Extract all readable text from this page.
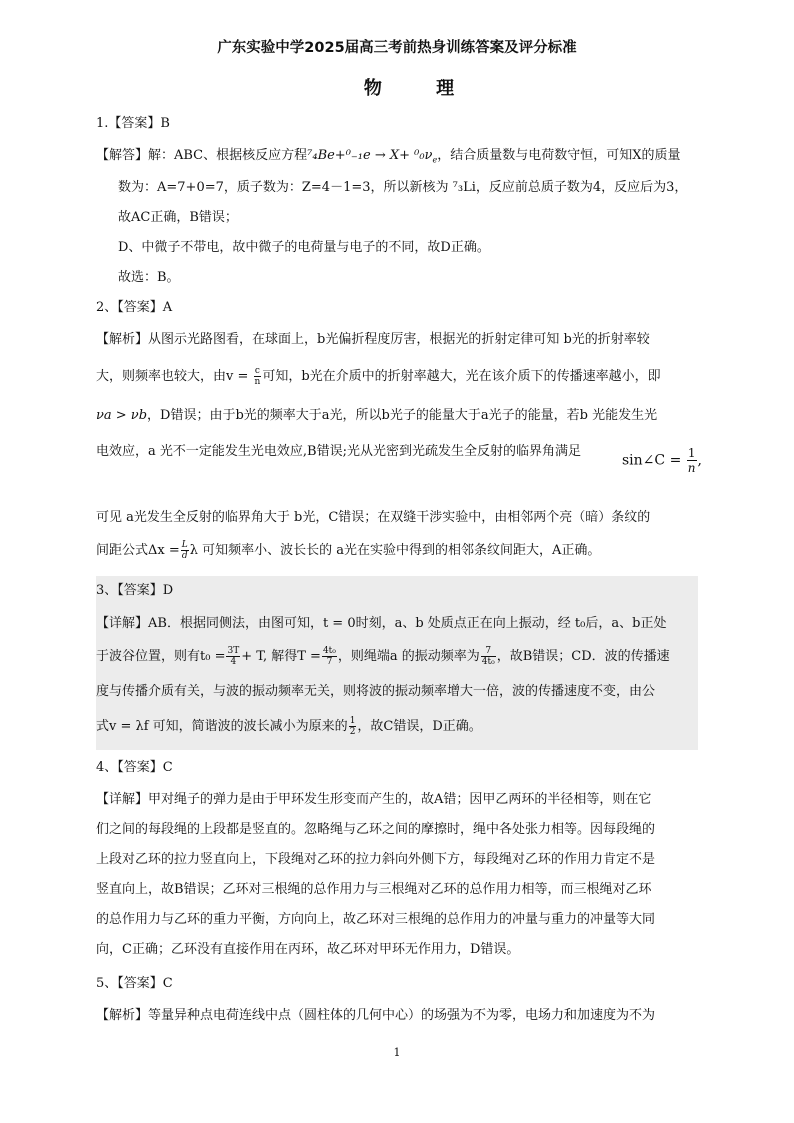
广东实验中学2025届高三考前热身训练答案及评分标准
物 理
1.【答案】B
【解答】解：ABC、根据核反应方程$^7_4Be+^0_{-1}e \to X+ ^0_0\nu_e$，结合质量数与电荷数守恒，可知X的质量
数为：A=7+0=7，质子数为：Z=4－1=3，所以新核为 ⁷₃Li，反应前总质子数为4，反应后为3，
故AC正确，B错误；
D、中微子不带电，故中微子的电荷量与电子的不同，故D正确。
故选：B。
2、【答案】A
【解析】从图示光路图看，在球面上，b光偏折程度厉害，根据光的折射定律可知 b光的折射率较
大，则频率也较大，由$v = \frac{c}{n}$ 可知，b光在介质中的折射率越大，光在该介质下的传播速率越小，即
νa > νb，D错误；由于b光的频率大于a光，所以b光子的能量大于a光子的能量，若b 光能发生光
电效应，a 光不一定能发生光电效应,B错误;光从光密到光疏发生全反射的临界角满足
sin∠C = $\frac{1}{n}$ ,
可见 a光发生全反射的临界角大于 b光，C错误；在双缝干涉实验中，由相邻两个亮（暗）条纹的
间距公式$\Delta x = \frac{L}{d}$ λ 可知频率小、波长长的 a光在实验中得到的相邻条纹间距大，A正确。
3、【答案】D
【详解】AB．根据同侧法，由图可知，t = 0时刻，a、b 处质点正在向上振动，经 t₀后，a、b正处
于波谷位置，则有$t_0 = \frac{3T}{4} + T$, 解得$T = \frac{\text{4t₀}}{7}$ ，则绳端a 的振动频率为 $\frac{7}{\text{4t₀}}$ ，故B错误；CD．波的传播速
度与传播介质有关，与波的振动频率无关，则将波的振动频率增大一倍，波的传播速度不变，由公
式v = λf 可知，简谐波的波长减小为原来的 $\frac{1}{2}$ ，故C错误，D正确。
4、【答案】C
【详解】甲对绳子的弹力是由于甲环发生形变而产生的，故A错；因甲乙两环的半径相等，则在它
们之间的每段绳的上段都是竖直的。忽略绳与乙环之间的摩擦时，绳中各处张力相等。因每段绳的
上段对乙环的拉力竖直向上，下段绳对乙环的拉力斜向外侧下方，每段绳对乙环的作用力肯定不是
竖直向上，故B错误；乙环对三根绳的总作用力与三根绳对乙环的总作用力相等，而三根绳对乙环
的总作用力与乙环的重力平衡，方向向上，故乙环对三根绳的总作用力的冲量与重力的冲量等大同
向，C正确；乙环没有直接作用在丙环，故乙环对甲环无作用力，D错误。
5、【答案】C
【解析】等量异种点电荷连线中点（圆柱体的几何中心）的场强为不为零，电场力和加速度为不为
1
